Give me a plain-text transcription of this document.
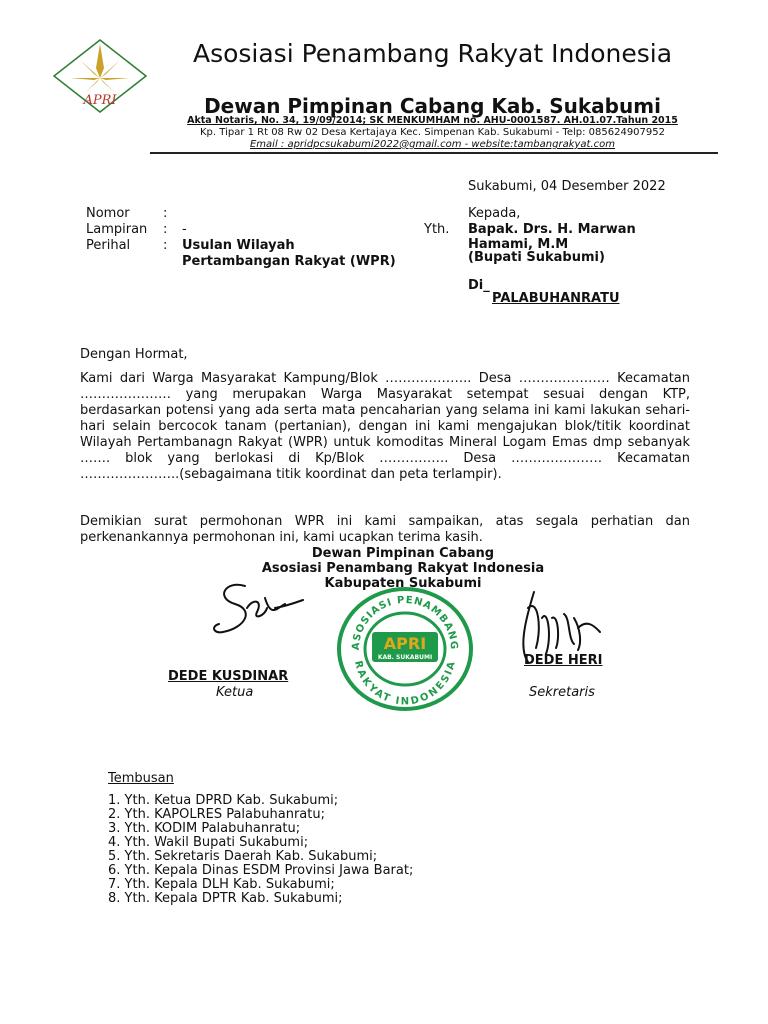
APRI
Asosiasi Penambang Rakyat Indonesia
Dewan Pimpinan Cabang Kab. Sukabumi
Akta Notaris, No. 34, 19/09/2014; SK MENKUMHAM no. AHU-0001587. AH.01.07.Tahun 2015
Kp. Tipar 1 Rt 08 Rw 02 Desa Kertajaya Kec. Simpenan Kab. Sukabumi - Telp: 085624907952
Email : apridpcsukabumi2022@gmail.com - website:tambangrakyat.com
Sukabumi, 04 Desember 2022
Nomor	:
Lampiran : -
Perihal	: Usulan Wilayah
Pertambangan Rakyat (WPR)
Kepada,
Yth. Bapak. Drs. H. Marwan
Hamami, M.M
(Bupati Sukabumi)
Di_
PALABUHANRATU
Dengan Hormat,
Kami dari Warga Masyarakat Kampung/Blok ……………….. Desa ………………… Kecamatan ………………… yang merupakan Warga Masyarakat setempat sesuai dengan KTP, berdasarkan potensi yang ada serta mata pencaharian yang selama ini kami lakukan sehari-hari selain bercocok tanam (pertanian), dengan ini kami mengajukan blok/titik koordinat Wilayah Pertambanagn Rakyat (WPR) untuk komoditas Mineral Logam Emas dmp sebanyak ……. blok yang berlokasi di Kp/Blok ……………. Desa ………………… Kecamatan …………………..(sebagaimana titik koordinat dan peta terlampir).
Demikian surat permohonan WPR ini kami sampaikan, atas segala perhatian dan perkenankannya permohonan ini, kami ucapkan terima kasih.
Dewan Pimpinan Cabang
Asosiasi Penambang Rakyat Indonesia
Kabupaten Sukabumi
ASOSIASI PENAMBANG
RAKYAT INDONESIA
APRI
KAB. SUKABUMI
DEDE KUSDINAR
Ketua
DEDE HERI
Sekretaris
Tembusan
1. Yth. Ketua DPRD Kab. Sukabumi;
2. Yth. KAPOLRES Palabuhanratu;
3. Yth. KODIM Palabuhanratu;
4. Yth. Wakil Bupati Sukabumi;
5. Yth. Sekretaris Daerah Kab. Sukabumi;
6. Yth. Kepala Dinas ESDM Provinsi Jawa Barat;
7. Yth. Kepala DLH Kab. Sukabumi;
8. Yth. Kepala DPTR Kab. Sukabumi;
